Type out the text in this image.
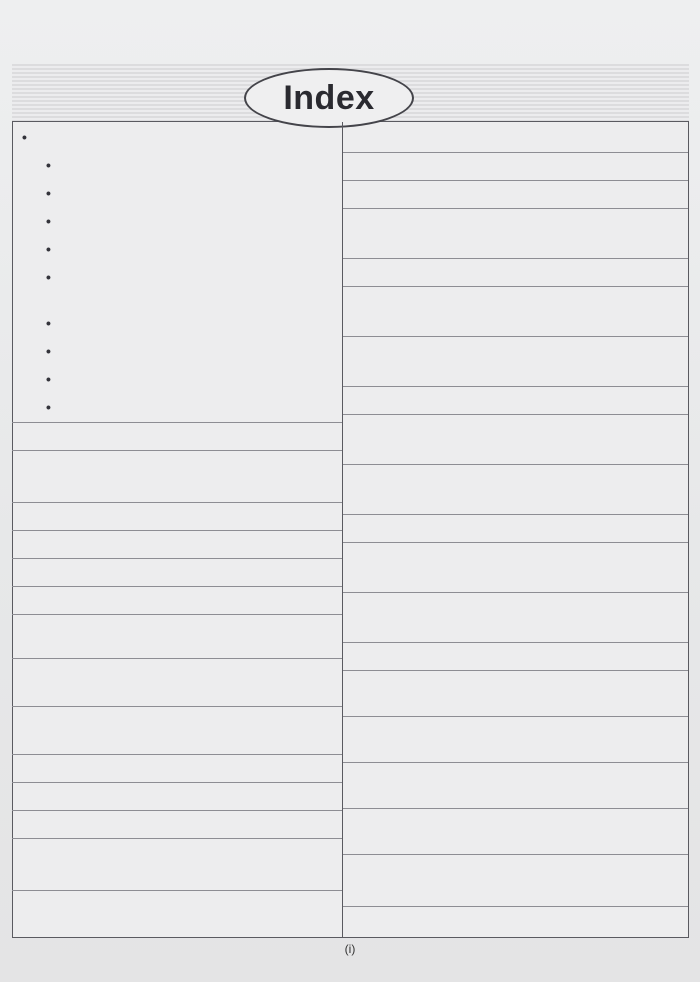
Index
(i)
•
•
•
•
•
•
•
•
•
•
